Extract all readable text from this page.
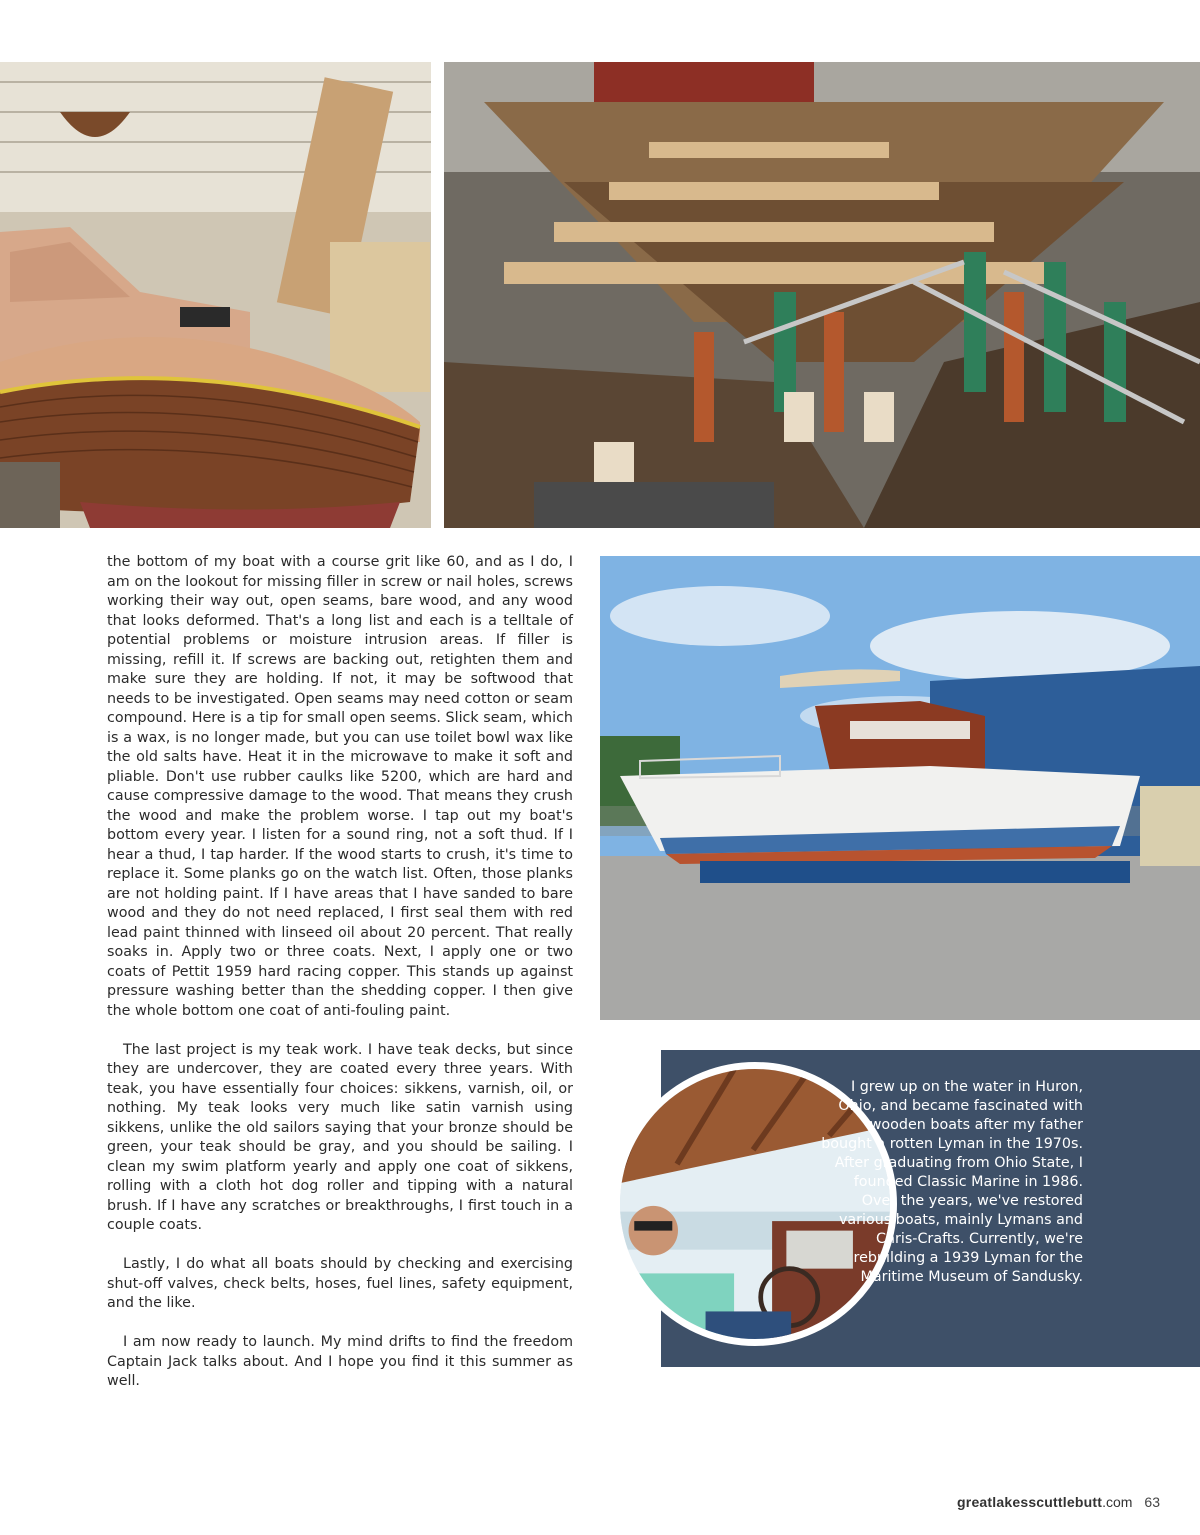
the bottom of my boat with a course grit like 60, and as I do, I am on the lookout for missing filler in screw or nail holes, screws working their way out, open seams, bare wood, and any wood that looks deformed. That's a long list and each is a telltale of potential problems or moisture intrusion areas. If filler is missing, refill it. If screws are backing out, retighten them and make sure they are holding. If not, it may be softwood that needs to be investigated. Open seams may need cotton or seam compound. Here is a tip for small open seems. Slick seam, which is a wax, is no longer made, but you can use toilet bowl wax like the old salts have. Heat it in the microwave to make it soft and pliable. Don't use rubber caulks like 5200, which are hard and cause compressive damage to the wood. That means they crush the wood and make the problem worse. I tap out my boat's bottom every year. I listen for a sound ring, not a soft thud. If I hear a thud, I tap harder. If the wood starts to crush, it's time to replace it. Some planks go on the watch list. Often, those planks are not holding paint. If I have areas that I have sanded to bare wood and they do not need replaced, I first seal them with red lead paint thinned with linseed oil about 20 percent. That really soaks in. Apply two or three coats. Next, I apply one or two coats of Pettit 1959 hard racing copper. This stands up against pressure washing better than the shedding copper. I then give the whole bottom one coat of anti-fouling paint.

The last project is my teak work. I have teak decks, but since they are undercover, they are coated every three years. With teak, you have essentially four choices: sikkens, varnish, oil, or nothing. My teak looks very much like satin varnish using sikkens, unlike the old sailors saying that your bronze should be green, your teak should be gray, and you should be sailing. I clean my swim platform yearly and apply one coat of sikkens, rolling with a cloth hot dog roller and tipping with a natural brush. If I have any scratches or breakthroughs, I first touch in a couple coats.

Lastly, I do what all boats should by checking and exercising shut-off valves, check belts, hoses, fuel lines, safety equipment, and the like.

I am now ready to launch. My mind drifts to find the freedom Captain Jack talks about. And I hope you find it this summer as well.

I grew up on the water in Huron, Ohio, and became fascinated with wooden boats after my father bought a rotten Lyman in the 1970s. After graduating from Ohio State, I founded Classic Marine in 1986. Over the years, we've restored various boats, mainly Lymans and Chris-Crafts. Currently, we're rebuilding a 1939 Lyman for the Maritime Museum of Sandusky.
greatlakesscuttlebutt.com 63
